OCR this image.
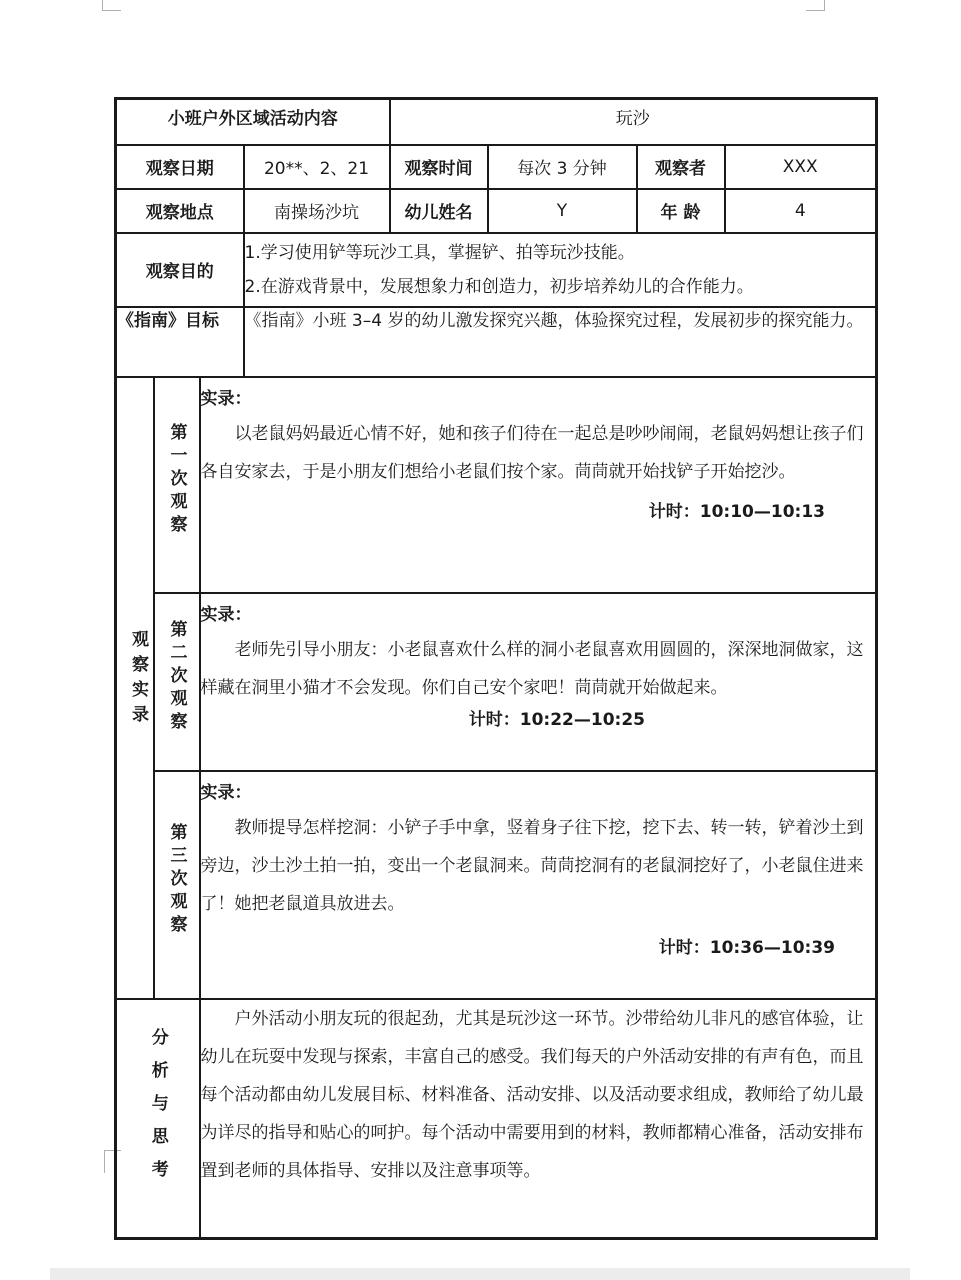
小班户外区域活动内容				玩沙			
观察日期			20**、2、21	观察时间	每次 3 分钟	观察者	XXX
观察地点			南操场沙坑	幼儿姓名	Y	年 龄	4
观察目的			1.学习使用铲等玩沙工具，掌握铲、拍等玩沙技能。
2.在游戏背景中，发展想象力和创造力，初步培养幼儿的合作能力。				

《指南》目标			《指南》小班 3–4 岁的幼儿激发探究兴趣，体验探究过程，发展初步的探究能力。				
观察实录	第一次观察	实录：
以老鼠妈妈最近心情不好，她和孩子们待在一起总是吵吵闹闹，老鼠妈妈想让孩子们各自安家去，于是小朋友们想给小老鼠们按个家。茼茼就开始找铲子开始挖沙。
计时：10:10—10:13					

	第二次观察	实录：
老师先引导小朋友：小老鼠喜欢什么样的洞小老鼠喜欢用圆圆的，深深地洞做家，这样藏在洞里小猫才不会发现。你们自己安个家吧！茼茼就开始做起来。
计时：10:22—10:25					

	第三次观察	实录：
教师提导怎样挖洞：小铲子手中拿，竖着身子往下挖，挖下去、转一转，铲着沙土到旁边，沙土沙土拍一拍，变出一个老鼠洞来。茼茼挖洞有的老鼠洞挖好了，小老鼠住进来了！她把老鼠道具放进去。
计时：10:36—10:39					

分析与思考		户外活动小朋友玩的很起劲，尤其是玩沙这一环节。沙带给幼儿非凡的感官体验，让幼儿在玩耍中发现与探索，丰富自己的感受。我们每天的户外活动安排的有声有色，而且每个活动都由幼儿发展目标、材料准备、活动安排、以及活动要求组成，教师给了幼儿最为详尽的指导和贴心的呵护。每个活动中需要用到的材料，教师都精心准备，活动安排布置到老师的具体指导、安排以及注意事项等。					
